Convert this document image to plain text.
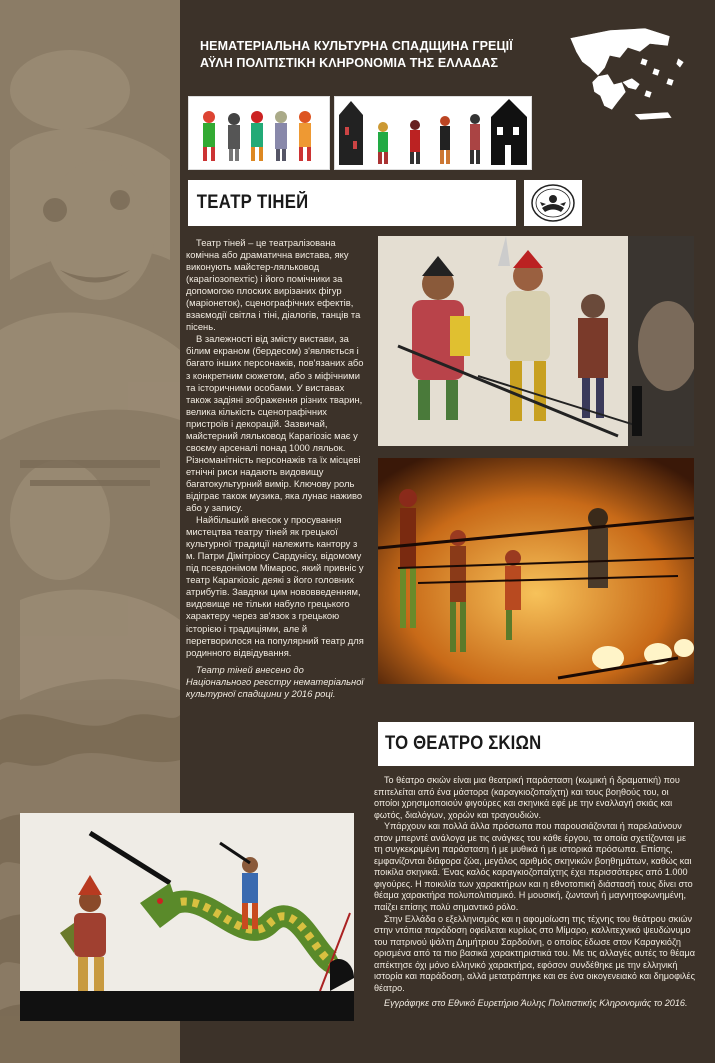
НЕМАТЕРІАЛЬНА КУЛЬТУРНА СПАДЩИНА ГРЕЦІЇ
ΑΫΛΗ ΠΟΛΙΤΙΣΤΙΚΗ ΚΛΗΡΟΝΟΜΙΑ ΤΗΣ ΕΛΛΑΔΑΣ
ТЕАТР ТІНЕЙ

Театр тіней – це театралізована комічна або драматична вистава, яку виконують майстер-ляльковод (карагіозопехтіс) і його помічники за допомогою плоских вирізаних фігур (маріонеток), сценографічних ефектів, взаємодії світла і тіні, діалогів, танців та пісень.

В залежності від змісту вистави, за білим екраном (бердесом) з'являється і багато інших персонажів, пов'язаних або з конкретним сюжетом, або з міфічними та історичними особами. У виставах також задіяні зображення різних тварин, велика кількість сценографічних пристроїв і декорацій. Зазвичай, майстерний ляльковод Карагіозіс має у своєму арсеналі понад 1000 ляльок. Різноманітність персонажів та їх місцеві етнічні риси надають видовищу багатокультурний вимір. Ключову роль відіграє також музика, яка лунає наживо або у запису.

Найбільший внесок у просування мистецтва театру тіней як грецької культурної традиції належить кантору з м. Патри Дімітріосу Сардунісу, відомому під псевдонімом Мімарос, який привніс у театр Карагкіозіс деякі з його головних атрибутів. Завдяки цим нововведенням, видовище не тільки набуло грецького характеру через зв'язок з грецькою історією і традиціями, але й перетворилося на популярний театр для родинного відвідування.

Театр тіней внесено до Національного реєстру нематеріальної культурної спадщини у 2016 році.

ΤΟ ΘΕΑΤΡΟ ΣΚΙΩΝ

Το θέατρο σκιών είναι μια θεατρική παράσταση (κωμική ή δραματική) που επιτελείται από ένα μάστορα (καραγκιοζοπαίχτη) και τους βοηθούς του, οι οποίοι χρησιμοποιούν φιγούρες και σκηνικά εφέ με την εναλλαγή σκιάς και φωτός, διαλόγων, χορών και τραγουδιών.

Υπάρχουν και πολλά άλλα πρόσωπα που παρουσιάζονται ή παρελαύνουν στον μπερντέ ανάλογα με τις ανάγκες του κάθε έργου, τα οποία σχετίζονται με τη συγκεκριμένη παράσταση ή με μυθικά ή με ιστορικά πρόσωπα. Επίσης, εμφανίζονται διάφορα ζώα, μεγάλος αριθμός σκηνικών βοηθημάτων, καθώς και ποικίλα σκηνικά. Ένας καλός καραγκιοζοπαίχτης έχει περισσότερες από 1.000 φιγούρες. Η ποικιλία των χαρακτήρων και η εθνοτοπική διάστασή τους δίνει στο θέαμα χαρακτήρα πολυπολιτισμικό. Η μουσική, ζωντανή ή μαγνητοφωνημένη, παίζει επίσης πολύ σημαντικό ρόλο.

Στην Ελλάδα ο εξελληνισμός και η αφομοίωση της τέχνης του θεάτρου σκιών στην ντόπια παράδοση οφείλεται κυρίως στο Μίμαρο, καλλιτεχνικό ψευδώνυμο του πατρινού ψάλτη Δημήτριου Σαρδούνη, ο οποίος έδωσε στον Καραγκιόζη ορισμένα από τα πιο βασικά χαρακτηριστικά του. Με τις αλλαγές αυτές το θέαμα απέκτησε όχι μόνο ελληνικό χαρακτήρα, εφόσον συνδέθηκε με την ελληνική ιστορία και παράδοση, αλλά μετατράπηκε και σε ένα οικογενειακό και δημοφιλές θέατρο.

Εγγράφηκε στο Εθνικό Ευρετήριο Άυλης Πολιτιστικής Κληρονομιάς το 2016.
